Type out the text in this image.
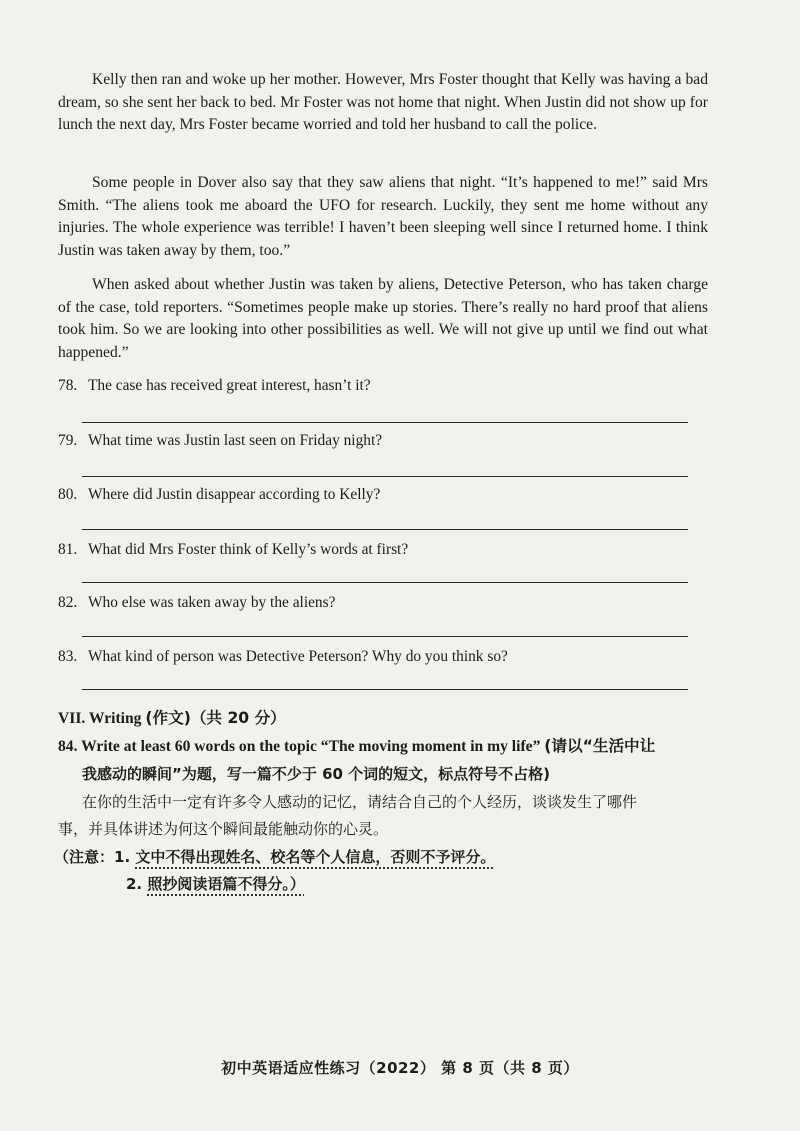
Kelly then ran and woke up her mother. However, Mrs Foster thought that Kelly was having a bad dream, so she sent her back to bed. Mr Foster was not home that night. When Justin did not show up for lunch the next day, Mrs Foster became worried and told her husband to call the police.

Some people in Dover also say that they saw aliens that night. “It’s happened to me!” said Mrs Smith. “The aliens took me aboard the UFO for research. Luckily, they sent me home without any injuries. The whole experience was terrible! I haven’t been sleeping well since I returned home. I think Justin was taken away by them, too.”

When asked about whether Justin was taken by aliens, Detective Peterson, who has taken charge of the case, told reporters. “Sometimes people make up stories. There’s really no hard proof that aliens took him. So we are looking into other possibilities as well. We will not give up until we find out what happened.”

78. The case has received great interest, hasn’t it?

79. What time was Justin last seen on Friday night?

80. Where did Justin disappear according to Kelly?

81. What did Mrs Foster think of Kelly’s words at first?

82. Who else was taken away by the aliens?

83. What kind of person was Detective Peterson? Why do you think so?

VII. Writing (作文)（共 20 分）

84. Write at least 60 words on the topic “The moving moment in my life” (请以“生活中让

我感动的瞬间”为题，写一篇不少于 60 个词的短文，标点符号不占格)

在你的生活中一定有许多令人感动的记忆，请结合自己的个人经历，谈谈发生了哪件

事，并具体讲述为何这个瞬间最能触动你的心灵。

（注意：1. 文中不得出现姓名、校名等个人信息，否则不予评分。

2. 照抄阅读语篇不得分。）

初中英语适应性练习（2022） 第 8 页（共 8 页）
